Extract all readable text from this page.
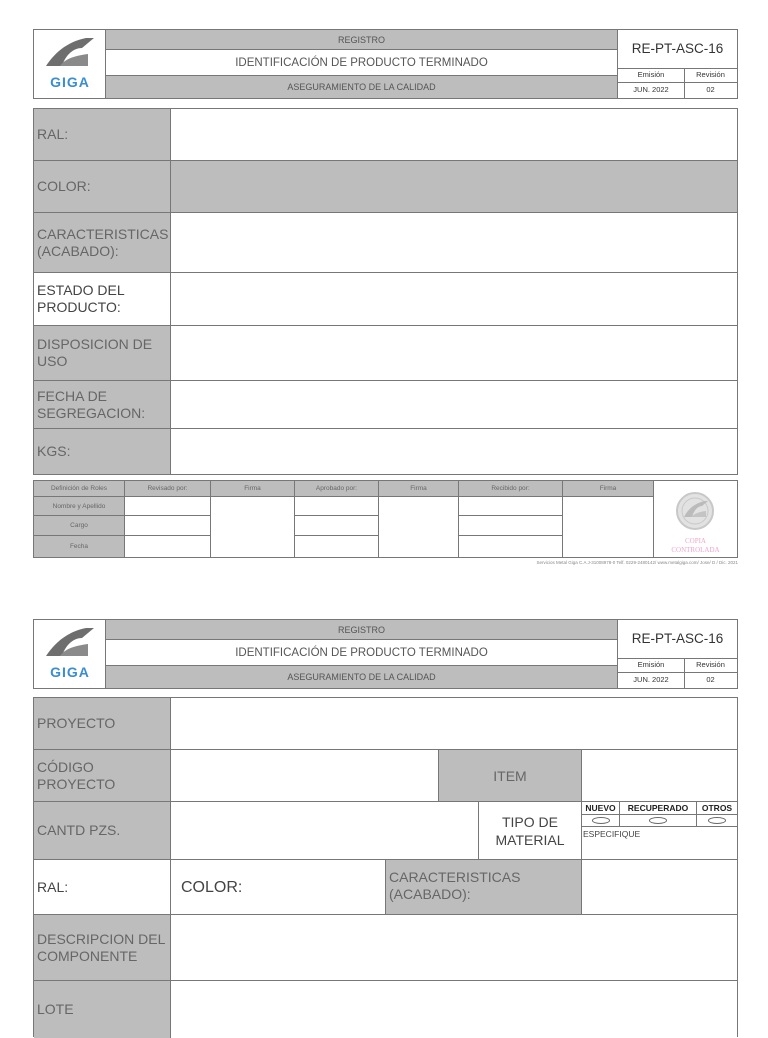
GIGA
REGISTRO
IDENTIFICACIÓN DE PRODUCTO TERMINADO
ASEGURAMIENTO DE LA CALIDAD
RE-PT-ASC-16
Emisión	Revisión
JUN. 2022	02
RAL:
COLOR:
CARACTERISTICAS (ACABADO):
ESTADO DEL PRODUCTO:
DISPOSICION DE USO
FECHA DE SEGREGACION:
KGS:
Definición de Roles	Revisado por:	Firma	Aprobado por:	Firma	Recibido por:	Firma
Nombre y Apellido
Cargo
Fecha
COPIA
CONTROLADA
Servicios Metal Giga C.A J-31008978-0 Telf. 0229-2480142/ www.metalgiga.com/ Jose/ D / Dic. 2021
GIGA
REGISTRO
IDENTIFICACIÓN DE PRODUCTO TERMINADO
ASEGURAMIENTO DE LA CALIDAD
RE-PT-ASC-16
Emisión	Revisión
JUN. 2022	02
PROYECTO
CÓDIGO PROYECTO	ITEM
CANTD PZS.
TIPO DE MATERIAL
NUEVO	RECUPERADO	OTROS
ESPECIFIQUE
RAL:	COLOR:
CARACTERISTICAS (ACABADO):
DESCRIPCION DEL COMPONENTE
LOTE
